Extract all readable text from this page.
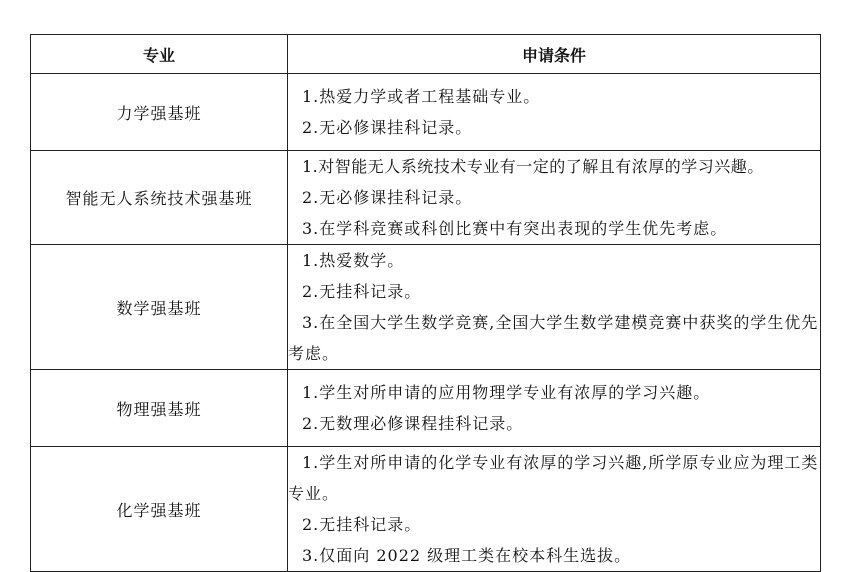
专业	申请条件
力学强基班	1.热爱力学或者工程基础专业。
2.无必修课挂科记录。

智能无人系统技术强基班	1.对智能无人系统技术专业有一定的了解且有浓厚的学习兴趣。
2.无必修课挂科记录。
3.在学科竞赛或科创比赛中有突出表现的学生优先考虑。

数学强基班	1.热爱数学。
2.无挂科记录。
3.在全国大学生数学竞赛,全国大学生数学建模竞赛中获奖的学生优先考虑。

物理强基班	1.学生对所申请的应用物理学专业有浓厚的学习兴趣。
2.无数理必修课程挂科记录。

化学强基班	1.学生对所申请的化学专业有浓厚的学习兴趣,所学原专业应为理工类专业。
2.无挂科记录。
3.仅面向 2022 级理工类在校本科生选拔。
